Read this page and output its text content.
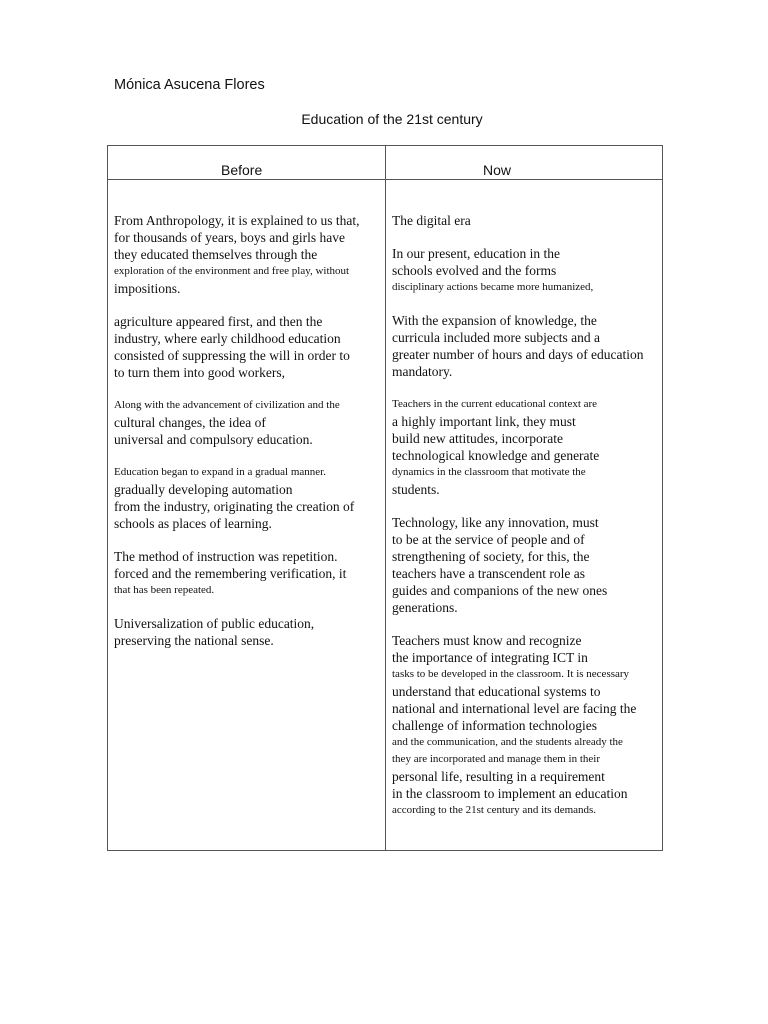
Mónica Asucena Flores
Education of the 21st century
Before	Now
From Anthropology, it is explained to us that,
for thousands of years, boys and girls have
they educated themselves through the
exploration of the environment and free play, without
impositions.
agriculture appeared first, and then the
industry, where early childhood education
consisted of suppressing the will in order to
to turn them into good workers,
Along with the advancement of civilization and the
cultural changes, the idea of
universal and compulsory education.
Education began to expand in a gradual manner.
gradually developing automation
from the industry, originating the creation of
schools as places of learning.
The method of instruction was repetition.
forced and the remembering verification, it
that has been repeated.
Universalization of public education,
preserving the national sense.
The digital era
In our present, education in the
schools evolved and the forms
disciplinary actions became more humanized,
With the expansion of knowledge, the
curricula included more subjects and a
greater number of hours and days of education
mandatory.
Teachers in the current educational context are
a highly important link, they must
build new attitudes, incorporate
technological knowledge and generate
dynamics in the classroom that motivate the
students.
Technology, like any innovation, must
to be at the service of people and of
strengthening of society, for this, the
teachers have a transcendent role as
guides and companions of the new ones
generations.
Teachers must know and recognize
the importance of integrating ICT in
tasks to be developed in the classroom. It is necessary
understand that educational systems to
national and international level are facing the
challenge of information technologies
and the communication, and the students already the
they are incorporated and manage them in their
personal life, resulting in a requirement
in the classroom to implement an education
according to the 21st century and its demands.
